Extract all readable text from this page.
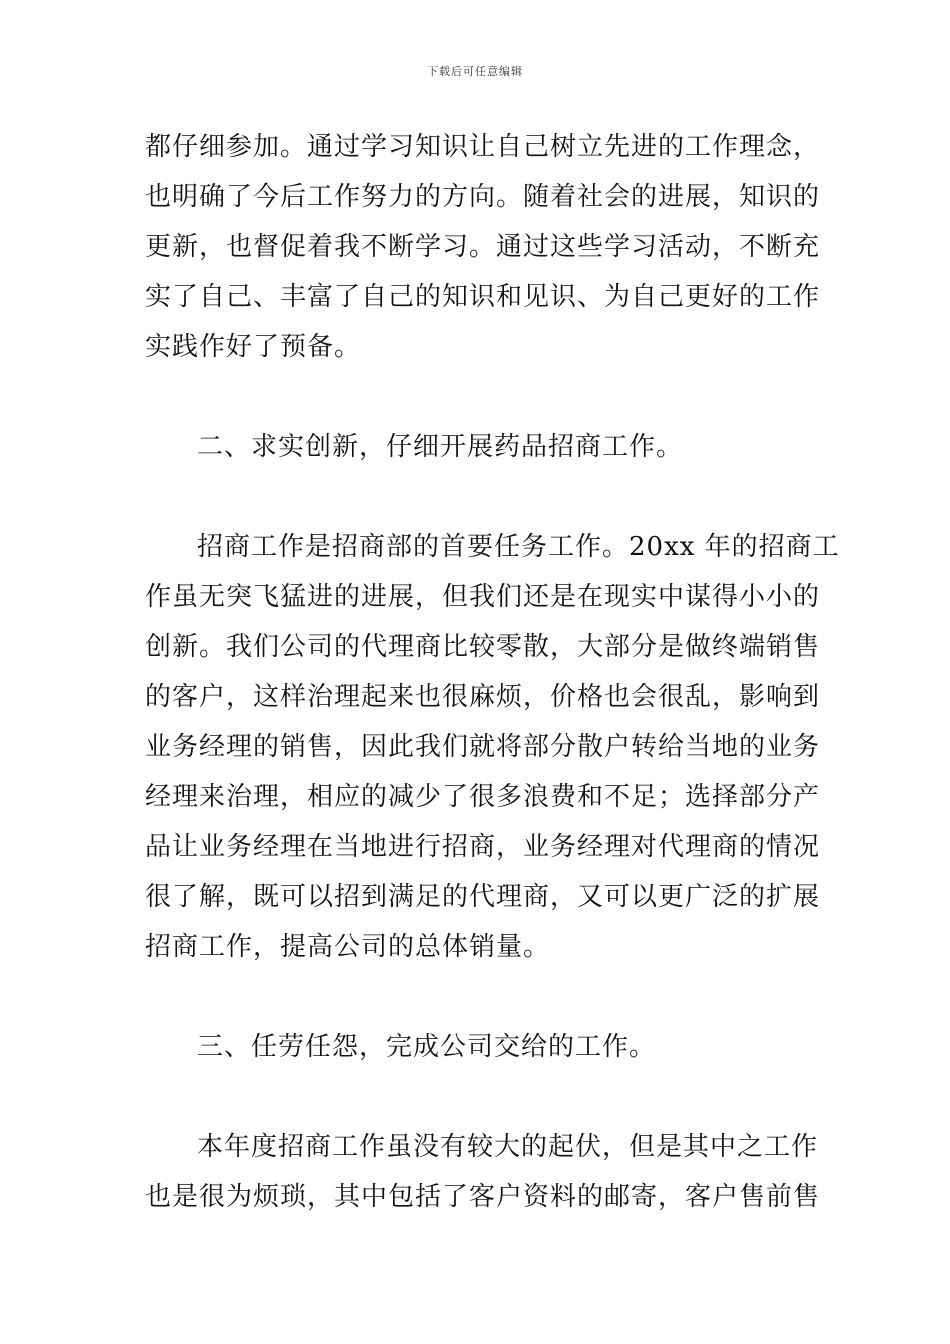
下载后可任意编辑
都仔细参加。通过学习知识让自己树立先进的工作理念，
也明确了今后工作努力的方向。随着社会的进展，知识的
更新，也督促着我不断学习。通过这些学习活动，不断充
实了自己、丰富了自己的知识和见识、为自己更好的工作
实践作好了预备。
二、求实创新，仔细开展药品招商工作。
招商工作是招商部的首要任务工作。20xx 年的招商工
作虽无突飞猛进的进展，但我们还是在现实中谋得小小的
创新。我们公司的代理商比较零散，大部分是做终端销售
的客户，这样治理起来也很麻烦，价格也会很乱，影响到
业务经理的销售，因此我们就将部分散户转给当地的业务
经理来治理，相应的减少了很多浪费和不足；选择部分产
品让业务经理在当地进行招商，业务经理对代理商的情况
很了解，既可以招到满足的代理商，又可以更广泛的扩展
招商工作，提高公司的总体销量。
三、任劳任怨，完成公司交给的工作。
本年度招商工作虽没有较大的起伏，但是其中之工作
也是很为烦琐，其中包括了客户资料的邮寄，客户售前售
